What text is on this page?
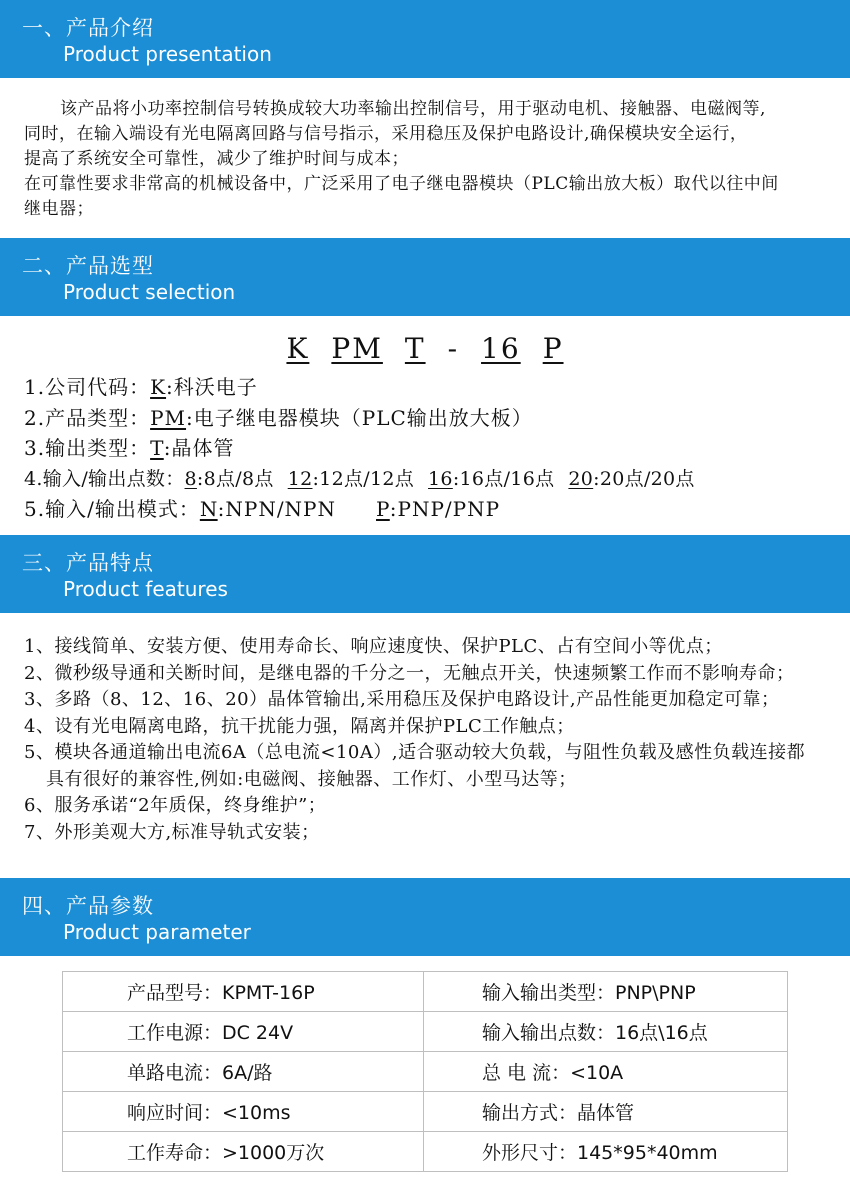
一、产品介绍
Product presentation
该产品将小功率控制信号转换成较大功率输出控制信号，用于驱动电机、接触器、电磁阀等,
同时，在输入端设有光电隔离回路与信号指示，采用稳压及保护电路设计,确保模块安全运行，
提高了系统安全可靠性，减少了维护时间与成本；
在可靠性要求非常高的机械设备中，广泛采用了电子继电器模块（PLC输出放大板）取代以往中间
继电器；
二、产品选型
Product selection
K PM T - 16 P
1.公司代码：K:科沃电子
2.产品类型：PM:电子继电器模块（PLC输出放大板）
3.输出类型：T:晶体管
4.输入/输出点数：8:8点/8点 12:12点/12点 16:16点/16点 20:20点/20点
5.输入/输出模式：N:NPN/NPN P:PNP/PNP
三、产品特点
Product features
1、接线简单、安装方便、使用寿命长、响应速度快、保护PLC、占有空间小等优点；
2、微秒级导通和关断时间，是继电器的千分之一，无触点开关，快速频繁工作而不影响寿命；
3、多路（8、12、16、20）晶体管输出,采用稳压及保护电路设计,产品性能更加稳定可靠；
4、设有光电隔离电路，抗干扰能力强，隔离并保护PLC工作触点；
5、模块各通道输出电流6A（总电流<10A）,适合驱动较大负载，与阻性负载及感性负载连接都
具有很好的兼容性,例如:电磁阀、接触器、工作灯、小型马达等；
6、服务承诺“2年质保，终身维护”；
7、外形美观大方,标准导轨式安装；
四、产品参数
Product parameter
产品型号：KPMT-16P	输入输出类型：PNP\PNP
工作电源：DC 24V	输入输出点数：16点\16点
单路电流：6A/路	总 电 流：<10A
响应时间：<10ms	输出方式：晶体管
工作寿命：>1000万次	外形尺寸：145*95*40mm
